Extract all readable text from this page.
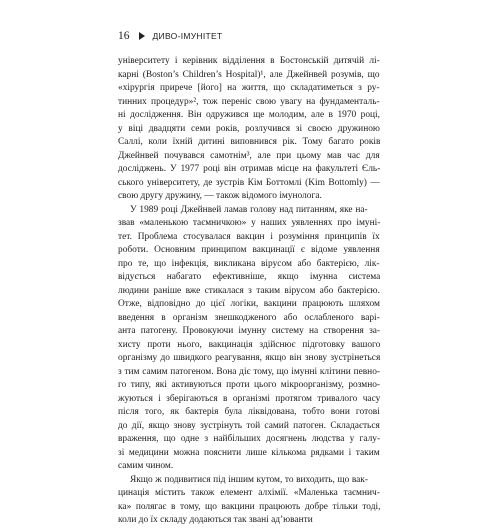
16	ДИВО-ІМУНІТЕТ
університету і керівник відділення в Бостонській дитячій лі-
карні (Boston’s Children’s Hospital)¹, але Джейнвей розумів, що
«хірургія прирече [його] на життя, що складатиметься з ру-
тинних процедур»², тож переніс свою увагу на фундаменталь-
ні дослідження. Він одружився ще молодим, але в 1970 році,
у віці двадцяти семи років, розлучився зі своєю дружиною
Саллі, коли їхній дитині виповнився рік. Тому багато років
Джейнвей почувався самотнім³, але при цьому мав час для
досліджень. У 1977 році він отримав місце на факультеті Єль-
ського університету, де зустрів Кім Боттомлі (Kim Bottomly) —
свою другу дружину, — також відомого імунолога.
У 1989 році Джейнвей ламав голову над питанням, яке на-
звав «маленькою таємничкою» у наших уявленнях про імуні-
тет. Проблема стосувалася вакцин і розуміння принципів їх
роботи. Основним принципом вакцинації є відоме уявлення
про те, що інфекція, викликана вірусом або бактерією, лік-
відується набагато ефективніше, якщо імунна система
людини раніше вже стикалася з таким вірусом або бактерією.
Отже, відповідно до цієї логіки, вакцини працюють шляхом
введення в організм знешкодженого або ослабленого варі-
анта патогену. Провокуючи імунну систему на створення за-
хисту проти нього, вакцинація здійснює підготовку вашого
організму до швидкого реагування, якщо він знову зустрінеться
з тим самим патогеном. Вона діє тому, що імунні клітини певно-
го типу, які активуються проти цього мікроорганізму, розмно-
жуються і зберігаються в організмі протягом тривалого часу
після того, як бактерія була ліквідована, тобто вони готові
до дії, якщо знову зустрінуть той самий патоген. Складається
враження, що одне з найбільших досягнень людства у галу-
зі медицини можна пояснити лише кількома рядками і таким
самим чином.
Якщо ж подивитися під іншим кутом, то виходить, що вак-
цинація містить також елемент алхімії. «Маленька таємнич-
ка» полягає в тому, що вакцини працюють добре тільки тоді,
коли до їх складу додаються так звані ад’юванти
